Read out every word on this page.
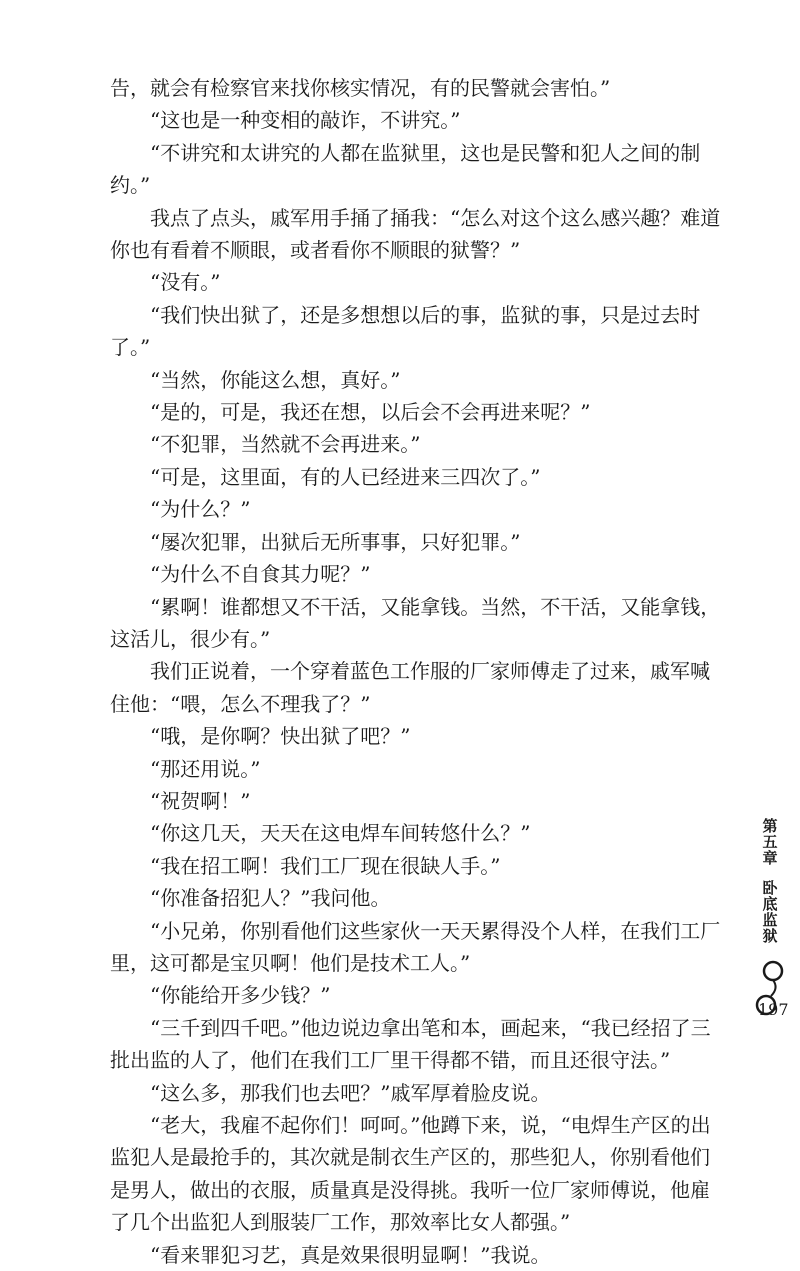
告，就会有检察官来找你核实情况，有的民警就会害怕。”

“这也是一种变相的敲诈，不讲究。”

“不讲究和太讲究的人都在监狱里，这也是民警和犯人之间的制约。”

我点了点头，戚军用手捅了捅我：“怎么对这个这么感兴趣？难道你也有看着不顺眼，或者看你不顺眼的狱警？”

“没有。”

“我们快出狱了，还是多想想以后的事，监狱的事，只是过去时了。”

“当然，你能这么想，真好。”

“是的，可是，我还在想，以后会不会再进来呢？”

“不犯罪，当然就不会再进来。”

“可是，这里面，有的人已经进来三四次了。”

“为什么？”

“屡次犯罪，出狱后无所事事，只好犯罪。”

“为什么不自食其力呢？”

“累啊！谁都想又不干活，又能拿钱。当然，不干活，又能拿钱，这活儿，很少有。”

我们正说着，一个穿着蓝色工作服的厂家师傅走了过来，戚军喊住他：“喂，怎么不理我了？”

“哦，是你啊？快出狱了吧？”

“那还用说。”

“祝贺啊！”

“你这几天，天天在这电焊车间转悠什么？”

“我在招工啊！我们工厂现在很缺人手。”

“你准备招犯人？”我问他。

“小兄弟，你别看他们这些家伙一天天累得没个人样，在我们工厂里，这可都是宝贝啊！他们是技术工人。”

“你能给开多少钱？”

“三千到四千吧。”他边说边拿出笔和本，画起来，“我已经招了三批出监的人了，他们在我们工厂里干得都不错，而且还很守法。”

“这么多，那我们也去吧？”戚军厚着脸皮说。

“老大，我雇不起你们！呵呵。”他蹲下来，说，“电焊生产区的出监犯人是最抢手的，其次就是制衣生产区的，那些犯人，你别看他们是男人，做出的衣服，质量真是没得挑。我听一位厂家师傅说，他雇了几个出监犯人到服装厂工作，那效率比女人都强。”

“看来罪犯习艺，真是效果很明显啊！”我说。

第五章
卧底监狱
197
